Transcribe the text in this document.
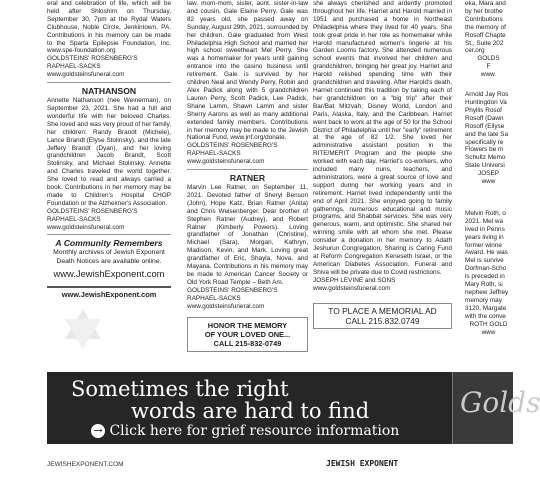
eral and celebration of life, which will be held after Shloshim on Thursday, September 30, 7pm at the Rydal Waters Clubhouse, Noble Circle, Jenkintown, PA. Contributions in his memory can be made to the Sparta Epilepsie Foundation, Inc. www.spe-foundation.org

GOLDSTEINS' ROSENBERG'S

RAPHAEL-SACKS

www.goldsteinsfuneral.com

NATHANSON

Annette Nathanson (nee Weinerman), on September 23, 2021. She had a full and wonderful life with her beloved Charles. She loved and was very proud of her family, her children: Randy Brandt (Michele), Lance Brandt (Elyse Stolinsky), and the late Jeffery Brandt (Dyan), and her loving grandchildren Jacob Brandt, Scott Stolinsky, and Michael Stolinsky. Annette and Charles traveled the world together. She loved to read and always carried a book. Contributions in her memory may be made to Children's Hospital CHOP Foundation or the Alzheimer's Association.

GOLDSTEINS' ROSENBERG'S

RAPHAEL-SACKS

www.goldsteinsfuneral.com

A Community Remembers
Monthly archives of Jewish Exponent Death Notices are available online.
www.JewishExponent.com
www.JewishExponent.com

law. mom-mom, sister, aunt. sister-in-law and cousin, Gale Elaine Perry. Gale was 82 years old, she passed away on Sunday, August 29th, 2021, surrounded by her children. Gale graduated from West Philadelphia High School and married her high school sweetheart Mel Perry. She was a homemaker for years until gaining entrance into the casino business until retirement. Gale is survived by her children Neal and Wendy Perry, Robin and Alex Padick along with 5 grandchildren Lauren Perry, Scott Padick, Lee Padick, Shane Lamm, Shawn Lamm and sister Sherry Aarons as well as many additional extended family members. Contributions in her memory may be made to the Jewish National Fund, www.jnf.org/donate.

GOLDSTEINS' ROSENBERG'S

RAPHAEL-SACKS

www.goldsteinsfuneral.com

RATNER

Marvin Lee Ratner, on September 11, 2021. Devoted father of Sheryl Benson (John), Hope Katz, Brian Ratner (Anita) and Chris Weisenberger. Dear brother of Stephen Ratner (Audrey), and Robert Ratner (Kimberly Powers). Loving grandfather of Jonathan (Christine), Michael (Sara), Morgan, Kathryn, Madison, Kevin, and Mark. Loving great grandfather of Eric, Shayla, Nova, and Mayana. Contributions in his memory may be made to American Cancer Society or Old York Road Temple – Beth Am.

GOLDSTEINS' ROSENBERG'S

RAPHAEL-SACKS

www.goldsteinsfuneral.com

HONOR THE MEMORY
OF YOUR LOVED ONE...
CALL 215-832-0749

she always cherished and ardently promoted throughout her life. Harriet and Harold married in 1951 and purchased a home in Northeast Philadelphia where they lived for 40 years. She took great pride in her role as homemaker while Harold manufactured women's lingerie at his Garden Looms factory. She attended numerous school events that involved her children and grandchildren, bringing her great joy. Harriet and Harold relished spending time with their grandchildren and traveling. After Harold's death, Harriet continued this tradition by taking each of her grandchildren on a "big trip" after their Bar/Bat Mitzvah; Disney World, London and Paris, Alaska, Italy, and the Caribbean. Harriet went back to work at the age of 50 for the School District of Philadelphia until her "early" retirement at the age of 82 1/2. She loved her administrative assistant position in the RITE/MERIT Program and the people she worked with each day. Harriet's co-workers, who included many nuns, teachers, and administrators, were a great source of love and support during her working years and in retirement. Harriet lived independently until the end of April 2021. She enjoyed going to family gatherings, numerous educational and music programs, and Shabbat services. She was very generous, warm, and optimistic. She shared her winning smile with all whom she met. Please consider a donation in her memory to Adath Jeshurun Congregation, Sharing is Caring Fund at Reform Congregation Keneseth Israel, or the American Diabetes Association. Funeral and Shiva will be private due to Covid restrictions.

JOSEPH LEVINE and SONS

www.goldsteinsfuneral.com

TO PLACE A MEMORIAL AD
CALL 215.832.0749
eka, Mara and
by her brothe
Contributions
the memory of
Rosoff Chapte
St., Suite 202
cer.org
GOLDS
F
www.
Arnold Jay Ros
Huntingdon Va
Phyllis Rosof
Rosoff (Dawn
Rosoff (Ellyse
and the late Sa
specifically re
Flowers be m
Schultz Memo
State Universi
JOSEP
www
Melvin Roth, o
2021. Mel wa
lived in Penns
years living in
former winne
Award. He was
Mel is survive
Dorfman-Scho
is preceded in
Mary Roth, si
nephew Jeffrey
memory may
3120, Margate
with the conve
ROTH GOLD
www
Sometimes the right
words are hard to find
→ Click here for grief resource information
Golds
JEWISHEXPONENT.COM	JEWISH EXPONENT
